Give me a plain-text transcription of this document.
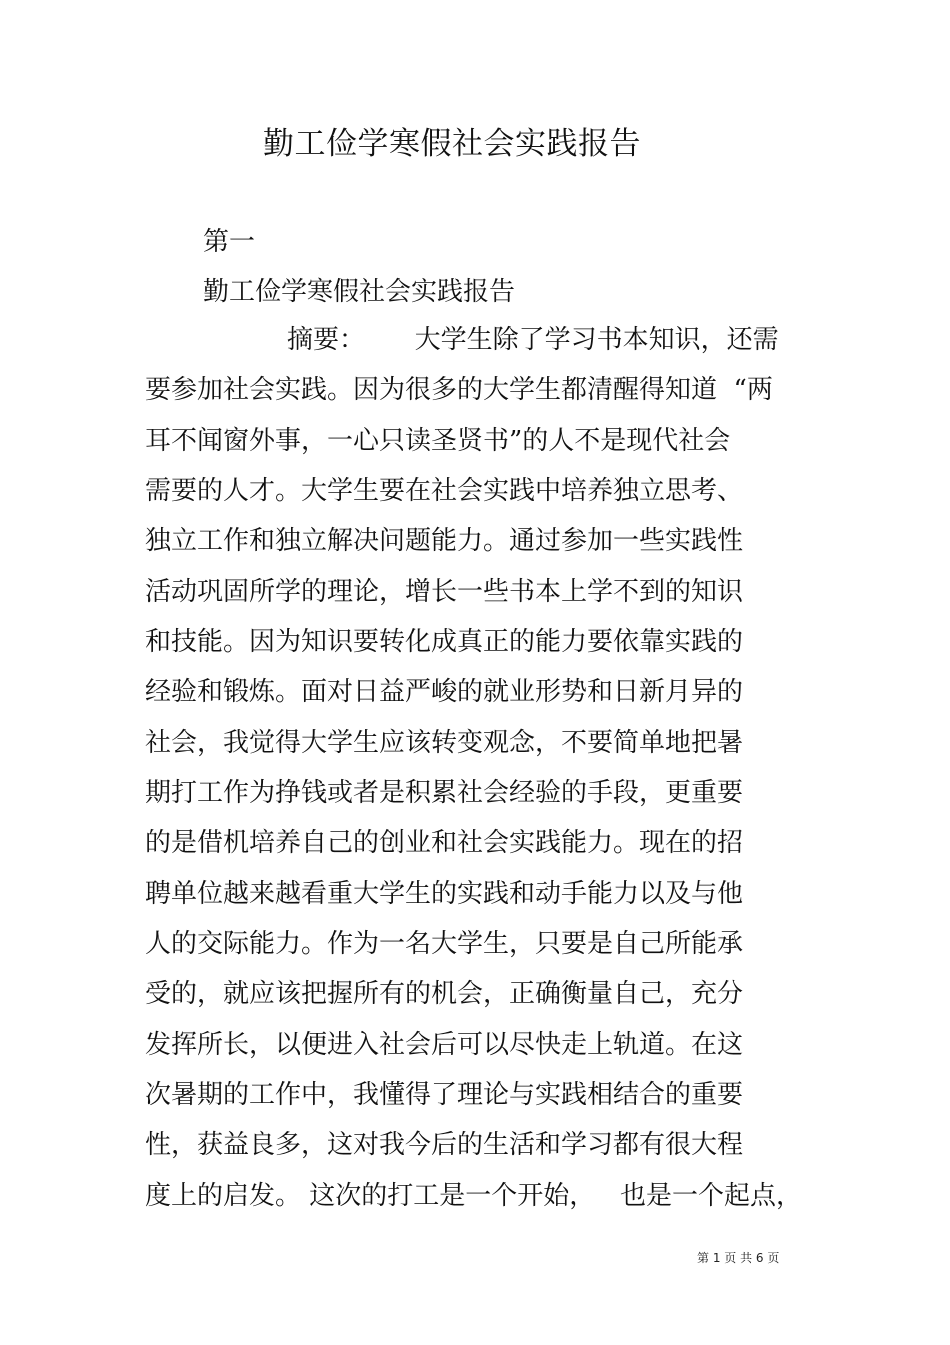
勤工俭学寒假社会实践报告
第一
勤工俭学寒假社会实践报告
摘要：      大学生除了学习书本知识，还需
要参加社会实践。因为很多的大学生都清醒得知道  “两
耳不闻窗外事，一心只读圣贤书”的人不是现代社会
需要的人才。大学生要在社会实践中培养独立思考、
独立工作和独立解决问题能力。通过参加一些实践性
活动巩固所学的理论，增长一些书本上学不到的知识
和技能。因为知识要转化成真正的能力要依靠实践的
经验和锻炼。面对日益严峻的就业形势和日新月异的
社会，我觉得大学生应该转变观念，不要简单地把暑
期打工作为挣钱或者是积累社会经验的手段，更重要
的是借机培养自己的创业和社会实践能力。现在的招
聘单位越来越看重大学生的实践和动手能力以及与他
人的交际能力。作为一名大学生，只要是自己所能承
受的，就应该把握所有的机会，正确衡量自己，充分
发挥所长，以便进入社会后可以尽快走上轨道。在这
次暑期的工作中，我懂得了理论与实践相结合的重要
性，获益良多，这对我今后的生活和学习都有很大程
度上的启发。 这次的打工是一个开始，   也是一个起点，
第 1 页 共 6 页
